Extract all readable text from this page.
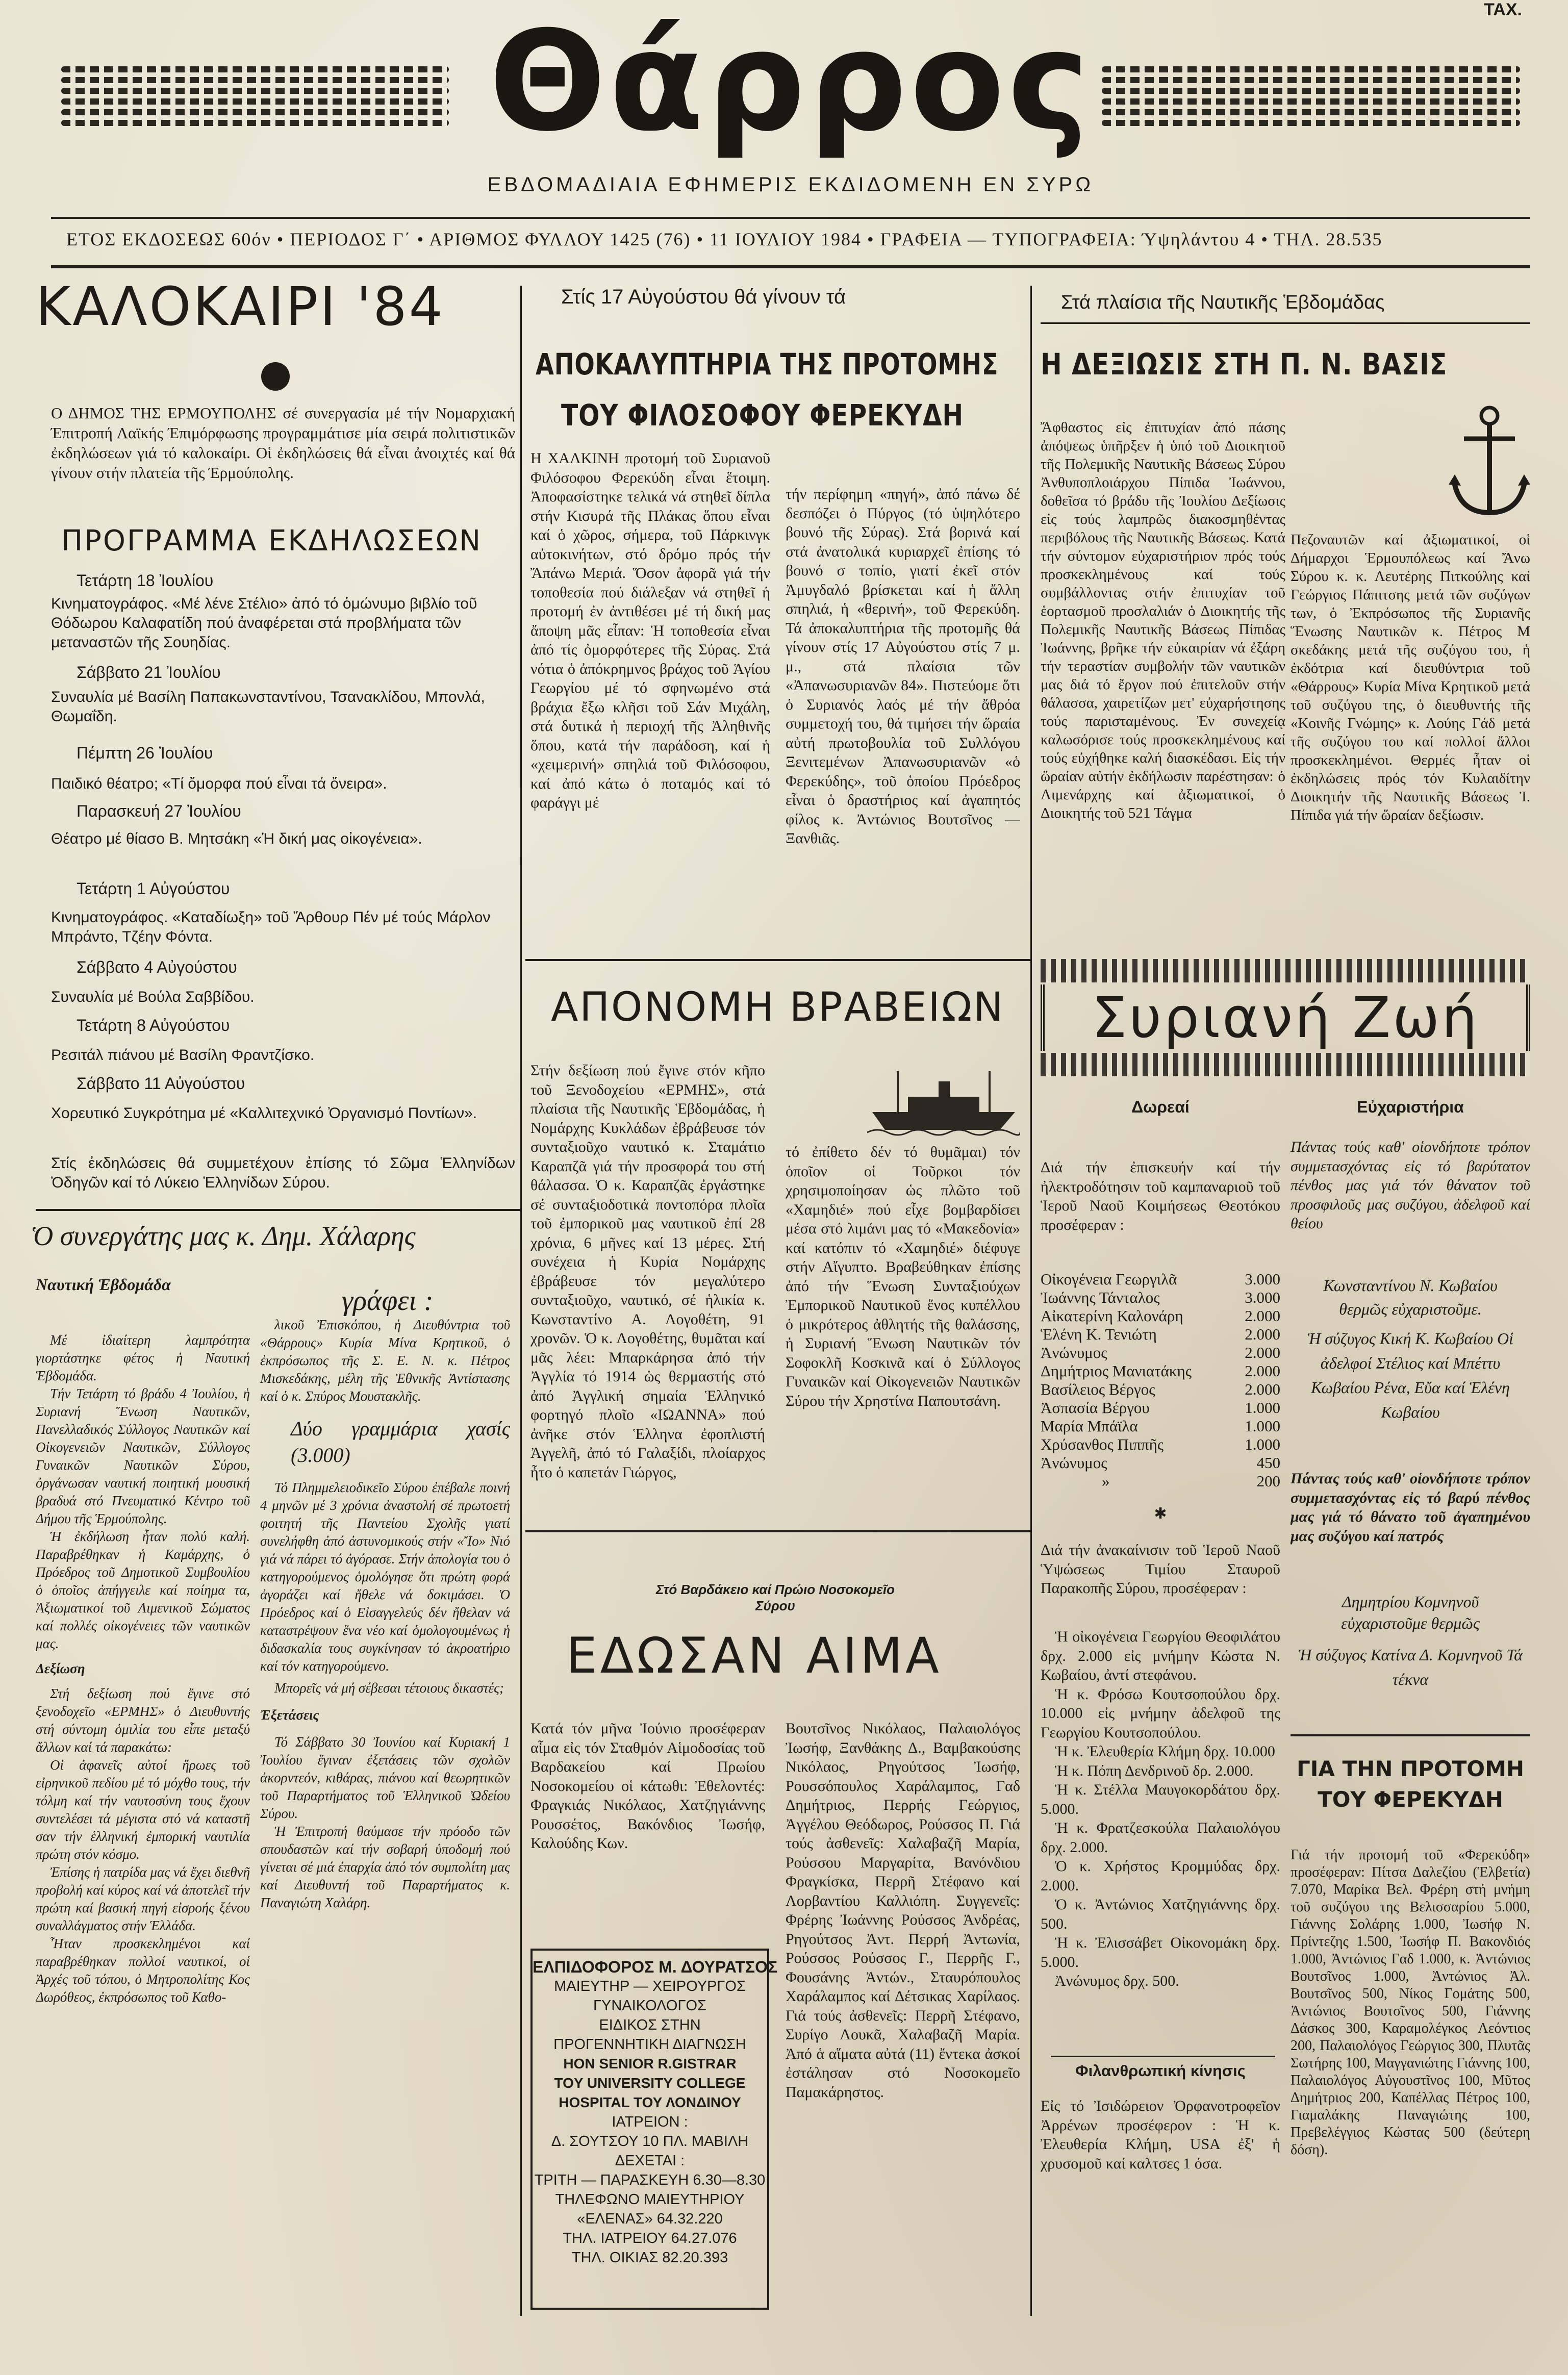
ΤΑΧ.
Θάρρος
ΕΒΔΟΜΑΔΙΑΙΑ ΕΦΗΜΕΡΙΣ ΕΚΔΙΔΟΜΕΝΗ ΕΝ ΣΥΡΩ
ΕΤΟΣ ΕΚΔΟΣΕΩΣ 60όν • ΠΕΡΙΟΔΟΣ Γ΄ • ΑΡΙΘΜΟΣ ΦΥΛΛΟΥ 1425 (76) • 11 ΙΟΥΛΙΟΥ 1984 • ΓΡΑΦΕΙΑ — ΤΥΠΟΓΡΑΦΕΙΑ: Ύψηλάντου 4 • ΤΗΛ. 28.535
ΚΑΛΟΚΑΙΡΙ '84
Ο ΔΗΜΟΣ ΤΗΣ ΕΡΜΟΥΠΟΛΗΣ σέ συνεργασία μέ τήν Νομαρχιακή Έπιτροπή Λαϊκής Έπιμόρφωσης προγραμμάτισε μία σειρά πολιτιστικῶν ἐκδηλώσεων γιά τό καλοκαίρι. Οἱ ἐκδηλώσεις θά εἶναι ἀνοιχτές καί θά γίνουν στήν πλατεία τῆς Έρμούπολης.
ΠΡΟΓΡΑΜΜΑ ΕΚΔΗΛΩΣΕΩΝ
Τετάρτη 18 Ἰουλίου
Κινηματογράφος. «Μέ λένε Στέλιο» ἀπό τό ὁμώνυμο βιβλίο τοῦ Θόδωρου Καλαφατίδη πού ἀναφέρεται στά προβλήματα τῶν μεταναστῶν τῆς Σουηδίας.
Σάββατο 21 Ἰουλίου
Συναυλία μέ Βασίλη Παπακωνσταντίνου, Τσανακλίδου, Μπονλά, Θωμαΐδη.
Πέμπτη 26 Ἰουλίου
Παιδικό θέατρο; «Τί ὄμορφα πού εἶναι τά ὄνειρα».
Παρασκευή 27 Ἰουλίου
Θέατρο μέ θίασο Β. Μητσάκη «Ἡ δική μας οἰκογένεια».
Τετάρτη 1 Αὐγούστου
Κινηματογράφος. «Καταδίωξη» τοῦ Ἄρθουρ Πέν μέ τούς Μάρλον Μπράντο, Τζέην Φόντα.
Σάββατο 4 Αὐγούστου
Συναυλία μέ Βούλα Σαββίδου.
Τετάρτη 8 Αὐγούστου
Ρεσιτάλ πιάνου μέ Βασίλη Φραντζίσκο.
Σάββατο 11 Αὐγούστου
Χορευτικό Συγκρότημα μέ «Καλλιτεχνικό Ὀργανισμό Ποντίων».
Στίς ἐκδηλώσεις θά συμμετέχουν ἐπίσης τό Σῶμα Ἑλληνίδων Ὀδηγῶν καί τό Λύκειο Ἑλληνίδων Σύρου.
Ὁ συνεργάτης μας κ. Δημ. Χάλαρης
Ναυτική Ἑβδομάδα
γράφει :

Μέ ἰδιαίτερη λαμπρότητα γιορτάστηκε φέτος ἡ Ναυτική Ἑβδομάδα.

Τήν Τετάρτη τό βράδυ 4 Ἰουλίου, ἡ Συριανή Ἕνωση Ναυτικῶν, Πανελλαδικός Σύλλογος Ναυτικῶν καί Οἰκογενειῶν Ναυτικῶν, Σύλλογος Γυναικῶν Ναυτικῶν Σύρου, ὀργάνωσαν ναυτική ποιητική μουσική βραδυά στό Πνευματικό Κέντρο τοῦ Δήμου τῆς Ἑρμούπολης.

Ἡ ἐκδήλωση ἦταν πολύ καλή. Παραβρέθηκαν ἡ Καμάρχης, ὁ Πρόεδρος τοῦ Δημοτικοῦ Συμβουλίου ὁ ὁποῖος ἀπήγγειλε καί ποίημα τα, Ἀξιωματικοί τοῦ Λιμενικοῦ Σώματος καί πολλές οἰκογένειες τῶν ναυτικῶν μας.

Δεξίωση

Στή δεξίωση πού ἔγινε στό ξενοδοχεῖο «ΕΡΜΗΣ» ὁ Διευθυντής στή σύντομη ὁμιλία του εἶπε μεταξύ ἄλλων καί τά παρακάτω:

Οἱ ἀφανεῖς αὐτοί ἥρωες τοῦ εἰρηνικοῦ πεδίου μέ τό μόχθο τους, τήν τόλμη καί τήν ναυτοσύνη τους ἔχουν συντελέσει τά μέγιστα στό νά καταστῆ σαν τήν ἑλληνική ἐμπορική ναυτιλία πρώτη στόν κόσμο.

Ἐπίσης ἡ πατρίδα μας νά ἔχει διεθνῆ προβολή καί κύρος καί νά ἀποτελεῖ τήν πρώτη καί βασική πηγή εἰσροής ξένου συναλλάγματος στήν Ἑλλάδα.

Ἦταν προσκεκλημένοι καί παραβρέθηκαν πολλοί ναυτικοί, οἱ Ἀρχές τοῦ τόπου, ὁ Μητροπολίτης Κος Δωρόθεος, ἐκπρόσωπος τοῦ Καθο-

λικοῦ Ἐπισκόπου, ἡ Διευθύντρια τοῦ «Θάρρους» Κυρία Μίνα Κρητικοῦ, ὁ ἐκπρόσωπος τῆς Σ. Ε. Ν. κ. Πέτρος Μισκεδάκης, μέλη τῆς Ἐθνικῆς Ἀντίστασης καί ὁ κ. Σπύρος Μουστακλῆς.

Δύο γραμμάρια χασίς (3.000)

Τό Πλημμελειοδικεῖο Σύρου ἐπέβαλε ποινή 4 μηνῶν μέ 3 χρόνια ἀναστολή σέ πρωτοετή φοιτητή τῆς Παντείου Σχολῆς γιατί συνελήφθη ἀπό ἀστυνομικούς στήν «Ἴο» Νιό γιά νά πάρει τό ἀγόρασε. Στήν ἀπολογία του ὁ κατηγορούμενος ὁμολόγησε ὅτι πρώτη φορά ἀγοράζει καί ἤθελε νά δοκιμάσει. Ὁ Πρόεδρος καί ὁ Εἰσαγγελεύς δέν ἤθελαν νά καταστρέψουν ἕνα νέο καί ὁμολογουμένως ἡ διδασκαλία τους συγκίνησαν τό ἀκροατήριο καί τόν κατηγορούμενο.

Μπορεῖς νά μή σέβεσαι τέτοιους δικαστές;

Ἐξετάσεις

Τό Σάββατο 30 Ἰουνίου καί Κυριακή 1 Ἰουλίου ἔγιναν ἐξετάσεις τῶν σχολῶν ἀκορντεόν, κιθάρας, πιάνου καί θεωρητικῶν τοῦ Παραρτήματος τοῦ Ἑλληνικοῦ Ὠδείου Σύρου.

Ἡ Ἐπιτροπή θαύμασε τήν πρόοδο τῶν σπουδαστῶν καί τήν σοβαρή ὑποδομή πού γίνεται σέ μιά ἐπαρχία ἀπό τόν συμπολίτη μας καί Διευθυντή τοῦ Παραρτήματος κ. Παναγιώτη Χαλάρη.

Στίς 17 Αὐγούστου θά γίνουν τά
ΑΠΟΚΑΛΥΠΤΗΡΙΑ ΤΗΣ ΠΡΟΤΟΜΗΣ
ΤΟΥ ΦΙΛΟΣΟΦΟΥ ΦΕΡΕΚΥΔΗ
Η ΧΑΛΚΙΝΗ προτομή τοῦ Συριανοῦ Φιλόσοφου Φερεκύδη εἶναι ἕτοιμη. Ἀποφασίστηκε τελικά νά στηθεῖ δίπλα στήν Κισυρά τῆς Πλάκας ὅπου εἶναι καί ὁ χῶρος, σήμερα, τοῦ Πάρκινγκ αὐτοκινήτων, στό δρόμο πρός τήν Ἄπάνω Μεριά. Ὅσον ἀφορᾶ γιά τήν τοποθεσία πού διάλεξαν νά στηθεῖ ἡ προτομή ἐν ἀντιθέσει μέ τή δική μας ἄποψη μᾶς εἶπαν: Ἡ τοποθεσία εἶναι ἀπό τίς ὀμορφότερες τῆς Σύρας. Στά νότια ὁ ἀπόκρημνος βράχος τοῦ Ἁγίου Γεωργίου μέ τό σφηνωμένο στά βράχια ἔξω κλῆσι τοῦ Σάν Μιχάλη, στά δυτικά ἡ περιοχή τῆς Ἀληθινῆς ὅπου, κατά τήν παράδοση, καί ἡ «χειμερινή» σπηλιά τοῦ Φιλόσοφου, καί ἀπό κάτω ὁ ποταμός καί τό φαράγγι μέ
τήν περίφημη «πηγή», ἀπό πάνω δέ δεσπόζει ὁ Πύργος (τό ὑψηλότερο βουνό τῆς Σύρας). Στά βορινά καί στά ἀνατολικά κυριαρχεῖ ἐπίσης τό βουνό σ τοπίο, γιατί ἐκεῖ στόν Ἀμυγδαλό βρίσκεται καί ἡ ἄλλη σπηλιά, ἡ «θερινή», τοῦ Φερεκύδη. Τά ἀποκαλυπτήρια τῆς προτομῆς θά γίνουν στίς 17 Αὐγούστου στίς 7 μ. μ., στά πλαίσια τῶν «Ἀπανωσυριανῶν 84». Πιστεύομε ὅτι ὁ Συριανός λαός μέ τήν ἄθρόα συμμετοχή του, θά τιμήσει τήν ὥραία αὐτή πρωτοβουλία τοῦ Συλλόγου Ξενιτεμένων Ἀπανωσυριανῶν «ὁ Φερεκύδης», τοῦ ὁποίου Πρόεδρος εἶναι ὁ δραστήριος καί ἀγαπητός φίλος κ. Ἀντώνιος Βουτσῖνος — Ξανθιᾶς.
ΑΠΟΝΟΜΗ ΒΡΑΒΕΙΩΝ
Στήν δεξίωση πού ἔγινε στόν κῆπο τοῦ Ξενοδοχείου «ΕΡΜΗΣ», στά πλαίσια τῆς Ναυτικῆς Ἑβδομάδας, ἡ Νομάρχης Κυκλάδων ἐβράβευσε τόν συνταξιοῦχο ναυτικό κ. Σταμάτιο Καραπζᾶ γιά τήν προσφορά του στή θάλασσα. Ὁ κ. Καραπζᾶς ἐργάστηκε σέ συνταξιοδοτικά ποντοπόρα πλοῖα τοῦ ἐμπορικοῦ μας ναυτικοῦ ἐπί 28 χρόνια, 6 μῆνες καί 13 μέρες. Στή συνέχεια ἡ Κυρία Νομάρχης ἐβράβευσε τόν μεγαλύτερο συνταξιοῦχο, ναυτικό, σέ ἡλικία κ. Κωνσταντίνο Α. Λογοθέτη, 91 χρονῶν. Ὁ κ. Λογοθέτης, θυμᾶται καί μᾶς λέει: Μπαρκάρησα ἀπό τήν Ἀγγλία τό 1914 ὡς θερμαστής στό ἀπό Ἀγγλική σημαία Ἑλληνικό φορτηγό πλοῖο «ΙΩΑΝΝΑ» πού ἀνῆκε στόν Ἑλληνα ἐφοπλιστή Ἀγγελῆ, ἀπό τό Γαλαξίδι, πλοίαρχος ἦτο ὁ καπετάν Γιώργος,
τό ἐπίθετο δέν τό θυμᾶμαι) τόν ὁποῖον οἱ Τοῦρκοι τόν χρησιμοποίησαν ὡς πλῶτο τοῦ «Χαμηδιέ» πού εἶχε βομβαρδίσει μέσα στό λιμάνι μας τό «Μακεδονία» καί κατόπιν τό «Χαμηδιέ» διέφυγε στήν Αἴγυπτο. Βραβεύθηκαν ἐπίσης ἀπό τήν Ἕνωση Συνταξιούχων Ἐμπορικοῦ Ναυτικοῦ ἕνος κυπέλλου ὁ μικρότερος ἀθλητής τῆς θαλάσσης, ἡ Συριανή Ἕνωση Ναυτικῶν τόν Σοφοκλῆ Κοσκινᾶ καί ὁ Σύλλογος Γυναικῶν καί Οἰκογενειῶν Ναυτικῶν Σύρου τήν Χρηστίνα Παπουτσάνη.
Στό Βαρδάκειο καί Πρώιο Νοσοκομεῖο Σύρου
ΕΔΩΣΑΝ ΑΙΜΑ
Κατά τόν μῆνα Ἰούνιο προσέφεραν αἷμα εἰς τόν Σταθμόν Αἱμοδοσίας τοῦ Βαρδακείου καί Πρωίου Νοσοκομείου οἱ κάτωθι: Ἐθελοντές: Φραγκιάς Νικόλαος, Χατζηγιάννης Ρουσσέτος, Βακόνδιος Ἰωσήφ, Καλούδης Κων.
Βουτσῖνος Νικόλαος, Παλαιολόγος Ἰωσήφ, Ξανθάκης Δ., Βαμβακούσης Νικόλαος, Ρηγούτσος Ἰωσήφ, Ρουσσόπουλος Χαράλαμπος, Γαδ Δημήτριος, Περρής Γεώργιος, Ἀγγέλου Θεόδωρος, Ρούσσος Π. Γιά τούς ἀσθενεῖς: Χαλαβαζῆ Μαρία, Ρούσσου Μαργαρίτα, Βανόνδιου Φραγκίσκα, Περρῆ Στέφανο καί Λορβαντίου Καλλιόπη. Συγγενεῖς: Φρέρης Ἰωάννης Ρούσσος Ἀνδρέας, Ρηγούτσος Ἀντ. Περρή Ἀντωνία, Ρούσσος Ρούσσος Γ., Περρῆς Γ., Φουσάνης Ἀντών., Σταυρόπουλος Χαράλαμπος καί Δέτσικας Χαρίλαος. Γιά τούς ἀσθενεῖς: Περρῆ Στέφανο, Συρίγο Λουκᾶ, Χαλαβαζῆ Μαρία. Ἀπό ἁ αἵματα αὐτά (11) ἔντεκα ἀσκοί ἐστάλησαν στό Νοσοκομεῖο Παμακάρηστος.
ΕΛΠΙΔΟΦΟΡΟΣ Μ. ΔΟΥΡΑΤΣΟΣ
ΜΑΙΕΥΤΗΡ — ΧΕΙΡΟΥΡΓΟΣ
ΓΥΝΑΙΚΟΛΟΓΟΣ
ΕΙΔΙΚΟΣ ΣΤΗΝ
ΠΡΟΓΕΝΝΗΤΙΚΗ ΔΙΑΓΝΩΣΗ
HON SENIOR R.GISTRAR
TOY UNIVERSITY COLLEGE
HOSPITAL ΤΟΥ ΛΟΝΔΙΝΟΥ
ΙΑΤΡΕΙΟΝ :
Δ. ΣΟΥΤΣΟΥ 10 ΠΛ. ΜΑΒΙΛΗ
ΔΕΧΕΤΑΙ :
ΤΡΙΤΗ — ΠΑΡΑΣΚΕΥΗ 6.30—8.30
ΤΗΛΕΦΩΝΟ ΜΑΙΕΥΤΗΡΙΟΥ
«ΕΛΕΝΑΣ» 64.32.220
ΤΗΛ. ΙΑΤΡΕΙΟΥ 64.27.076
ΤΗΛ. ΟΙΚΙΑΣ 82.20.393
Στά πλαίσια τῆς Ναυτικῆς Ἑβδομάδας
Η ΔΕΞΙΩΣΙΣ ΣΤΗ Π. Ν. ΒΑΣΙΣ
Ἄφθαστος εἰς ἐπιτυχίαν ἀπό πάσης ἀπόψεως ὑπῆρξεν ἡ ὑπό τοῦ Διοικητοῦ τῆς Πολεμικῆς Ναυτικῆς Βάσεως Σύρου Ἀνθυποπλοιάρχου Πίπιδα Ἰωάννου, δοθεῖσα τό βράδυ τῆς Ἰουλίου Δεξίωσις εἰς τούς λαμπρῶς διακοσμηθέντας περιβόλους τῆς Ναυτικῆς Βάσεως. Κατά τήν σύντομον εὐχαριστήριον πρός τούς προσκεκλημένους καί τούς συμβάλλοντας στήν ἐπιτυχίαν τοῦ ἑορτασμοῦ προσλαλιάν ὁ Διοικητής τῆς Πολεμικῆς Ναυτικῆς Βάσεως Πίπιδας Ἰωάννης, βρῆκε τήν εὐκαιρίαν νά ἐξάρη τήν τεραστίαν συμβολήν τῶν ναυτικῶν μας διά τό ἔργον πού ἐπιτελοῦν στήν θάλασσα, χαιρετίζων μετ' εὐχαρήστησης τούς παρισταμένους. Ἐν συνεχείᾳ καλωσόρισε τούς προσκεκλημένους καί τούς εὐχήθηκε καλή διασκέδασι. Εἰς τήν ὥραίαν αὐτήν ἐκδήλωσιν παρέστησαν: ὁ Λιμενάρχης καί ἀξιωματικοί, ὁ Διοικητής τοῦ 521 Τάγμα
Πεζοναυτῶν καί ἀξιωματικοί, οἱ Δήμαρχοι Ἑρμουπόλεως καί Ἄνω Σύρου κ. κ. Λευτέρης Πιτκούλης καί Γεώργιος Πάπιτσης μετά τῶν συζύγων των, ὁ Ἐκπρόσωπος τῆς Συριανῆς Ἕνωσης Ναυτικῶν κ. Πέτρος Μ σκεδάκης μετά τῆς συζύγου του, ἡ ἐκδότρια καί διευθύντρια τοῦ «Θάρρους» Κυρία Μίνα Κρητικοῦ μετά τοῦ συζύγου της, ὁ διευθυντής τῆς «Κοινῆς Γνώμης» κ. Λούης Γάδ μετά τῆς συζύγου του καί πολλοί ἄλλοι προσκεκλημένοι. Θερμές ἦταν οἱ ἐκδηλώσεις πρός τόν Κυλαιδίτην Διοικητήν τῆς Ναυτικῆς Βάσεως Ἰ. Πίπιδα γιά τήν ὥραίαν δεξίωσιν.
Συριανή Ζωή
Δωρεαί
Διά τήν ἐπισκευήν καί τήν ἠλεκτροδότησιν τοῦ καμπαναριοῦ τοῦ Ἱεροῦ Ναοῦ Κοιμήσεως Θεοτόκου προσέφεραν :
Οἰκογένεια Γεωργιλᾶ	3.000
Ἰωάννης Τάνταλος	3.000
Αἰκατερίνη Καλονάρη	2.000
Ἑλένη Κ. Τενιώτη	2.000
Ἀνώνυμος	2.000
Δημήτριος Μανιατάκης	2.000
Βασίλειος Βέργος	2.000
Ἀσπασία Βέργου	1.000
Μαρία Μπάϊλα	1.000
Χρύσανθος Πιππῆς	1.000
Ἀνώνυμος	450
»	200
✱
Διά τήν ἀνακαίνισιν τοῦ Ἱεροῦ Ναοῦ Ὑψώσεως Τιμίου Σταυροῦ Παρακοπῆς Σύρου, προσέφεραν :

Ἡ οἰκογένεια Γεωργίου Θεοφιλάτου δρχ. 2.000 εἰς μνήμην Κώστα Ν. Κωβαίου, ἀντί στεφάνου.

Ἡ κ. Φρόσω Κουτσοπούλου δρχ. 10.000 εἰς μνήμην ἀδελφοῦ της Γεωργίου Κουτσοπούλου.

Ἡ κ. Ἐλευθερία Κλήμη δρχ. 10.000

Ἡ κ. Πόπη Δενδρινοῦ δρ. 2.000.

Ἡ κ. Στέλλα Μαυγοκορδάτου δρχ. 5.000.

Ἡ κ. Φρατζεσκούλα Παλαιολόγου δρχ. 2.000.

Ὁ κ. Χρήστος Κρομμύδας δρχ. 2.000.

Ὁ κ. Ἀντώνιος Χατζηγιάννης δρχ. 500.

Ἡ κ. Ἐλισσάβετ Οἰκονομάκη δρχ. 5.000.

Ἀνώνυμος δρχ. 500.

Φιλανθρωπική κίνησις
Εἰς τό Ἰσιδώρειον Ὀρφανοτροφεῖον Ἀρρένων προσέφερον : Ἡ κ. Ἐλευθερία Κλήμη, USA ἐξ' ἡ χρυσομοῦ καί καλτσες 1 όσα.
Εὐχαριστήρια
Πάντας τούς καθ' οἱονδήποτε τρόπον συμμετασχόντας εἰς τό βαρύτατον πένθος μας γιά τόν θάνατον τοῦ προσφιλοῦς μας συζύγου, ἀδελφοῦ καί θείου
Κωνσταντίνου Ν. Κωβαίου
θερμῶς εὐχαριστοῦμε.
Ἡ σύζυγος Κική Κ. Κωβαίου Οἱ ἀδελφοί Στέλιος καί Μπέττυ Κωβαίου Ρένα, Εὔα καί Ἑλένη Κωβαίου
Πάντας τούς καθ' οἱονδήποτε τρόπον συμμετασχόντας εἰς τό βαρύ πένθος μας γιά τό θάνατο τοῦ ἀγαπημένου μας συζύγου καί πατρός
Δημητρίου Κομνηνοῦ
εὐχαριστοῦμε θερμῶς
Ἡ σύζυγος Κατίνα Δ. Κομνηνοῦ Τά τέκνα
ΓΙΑ ΤΗΝ ΠΡΟΤΟΜΗ
ΤΟΥ ΦΕΡΕΚΥΔΗ
Γιά τήν προτομή τοῦ «Φερεκύδη» προσέφεραν: Πίτσα Δαλεζίου (Ἑλβετία) 7.070, Μαρίκα Βελ. Φρέρη στή μνήμη τοῦ συζύγου της Βελισσαρίου 5.000, Γιάννης Σολάρης 1.000, Ἰωσήφ Ν. Πρίντεζης 1.500, Ἰωσήφ Π. Βακονδιός 1.000, Ἀντώνιος Γαδ 1.000, κ. Ἀντώνιος Βουτσῖνος 1.000, Ἀντώνιος Ἀλ. Βουτσῖνος 500, Νίκος Γομάτης 500, Ἀντώνιος Βουτσῖνος 500, Γιάννης Δάσκος 300, Καραμολέγκος Λεόντιος 200, Παλαιολόγος Γεώργιος 300, Πλυτᾶς Σωτήρης 100, Μαγγανιώτης Γιάννης 100, Παλαιολόγος Αὐγουστῖνος 100, Μῦτος Δημήτριος 200, Καπέλλας Πέτρος 100, Γιαμαλάκης Παναγιώτης 100, Πρεβελέγγιος Κώστας 500 (δεύτερη δόση).
